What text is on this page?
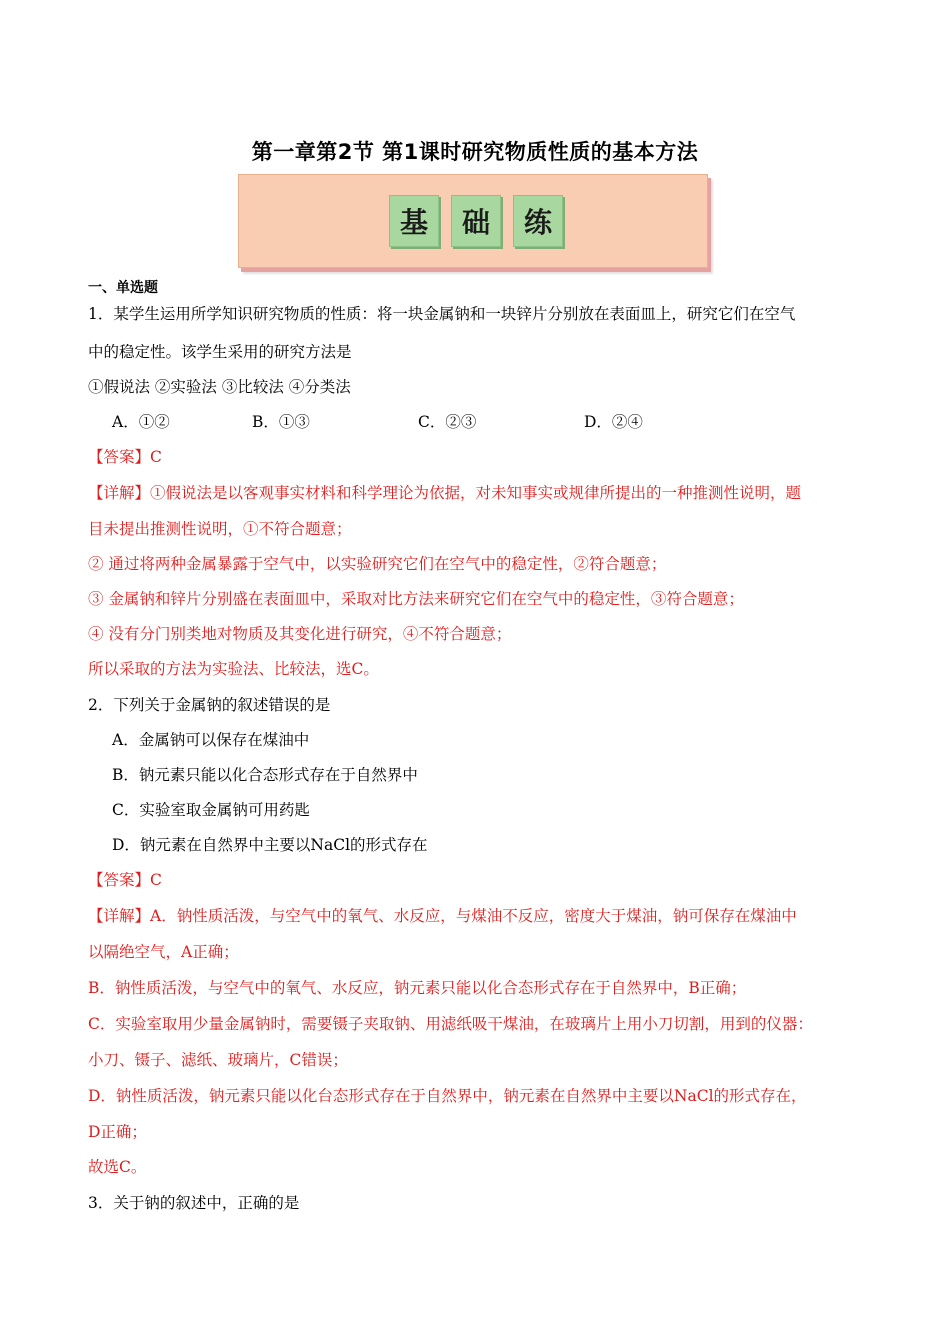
第一章第2节 第1课时研究物质性质的基本方法
基	础	练
一、单选题
1．某学生运用所学知识研究物质的性质：将一块金属钠和一块锌片分别放在表面皿上，研究它们在空气
中的稳定性。该学生采用的研究方法是
①假说法 ②实验法 ③比较法 ④分类法
A．①②	B．①③	C．②③	D．②④
【答案】C
【详解】①假说法是以客观事实材料和科学理论为依据，对未知事实或规律所提出的一种推测性说明，题
目未提出推测性说明，①不符合题意；
② 通过将两种金属暴露于空气中，以实验研究它们在空气中的稳定性，②符合题意；
③ 金属钠和锌片分别盛在表面皿中，采取对比方法来研究它们在空气中的稳定性，③符合题意；
④ 没有分门别类地对物质及其变化进行研究，④不符合题意；
所以采取的方法为实验法、比较法，选C。
2．下列关于金属钠的叙述错误的是
A．金属钠可以保存在煤油中
B．钠元素只能以化合态形式存在于自然界中
C．实验室取金属钠可用药匙
D．钠元素在自然界中主要以NaCl的形式存在
【答案】C
【详解】A．钠性质活泼，与空气中的氧气、水反应，与煤油不反应，密度大于煤油，钠可保存在煤油中
以隔绝空气，A正确；
B．钠性质活泼，与空气中的氧气、水反应，钠元素只能以化合态形式存在于自然界中，B正确；
C．实验室取用少量金属钠时，需要镊子夹取钠、用滤纸吸干煤油，在玻璃片上用小刀切割，用到的仪器：
小刀、镊子、滤纸、玻璃片，C错误；
D．钠性质活泼，钠元素只能以化台态形式存在于自然界中，钠元素在自然界中主要以NaCl的形式存在，
D正确；
故选C。
3．关于钠的叙述中，正确的是
